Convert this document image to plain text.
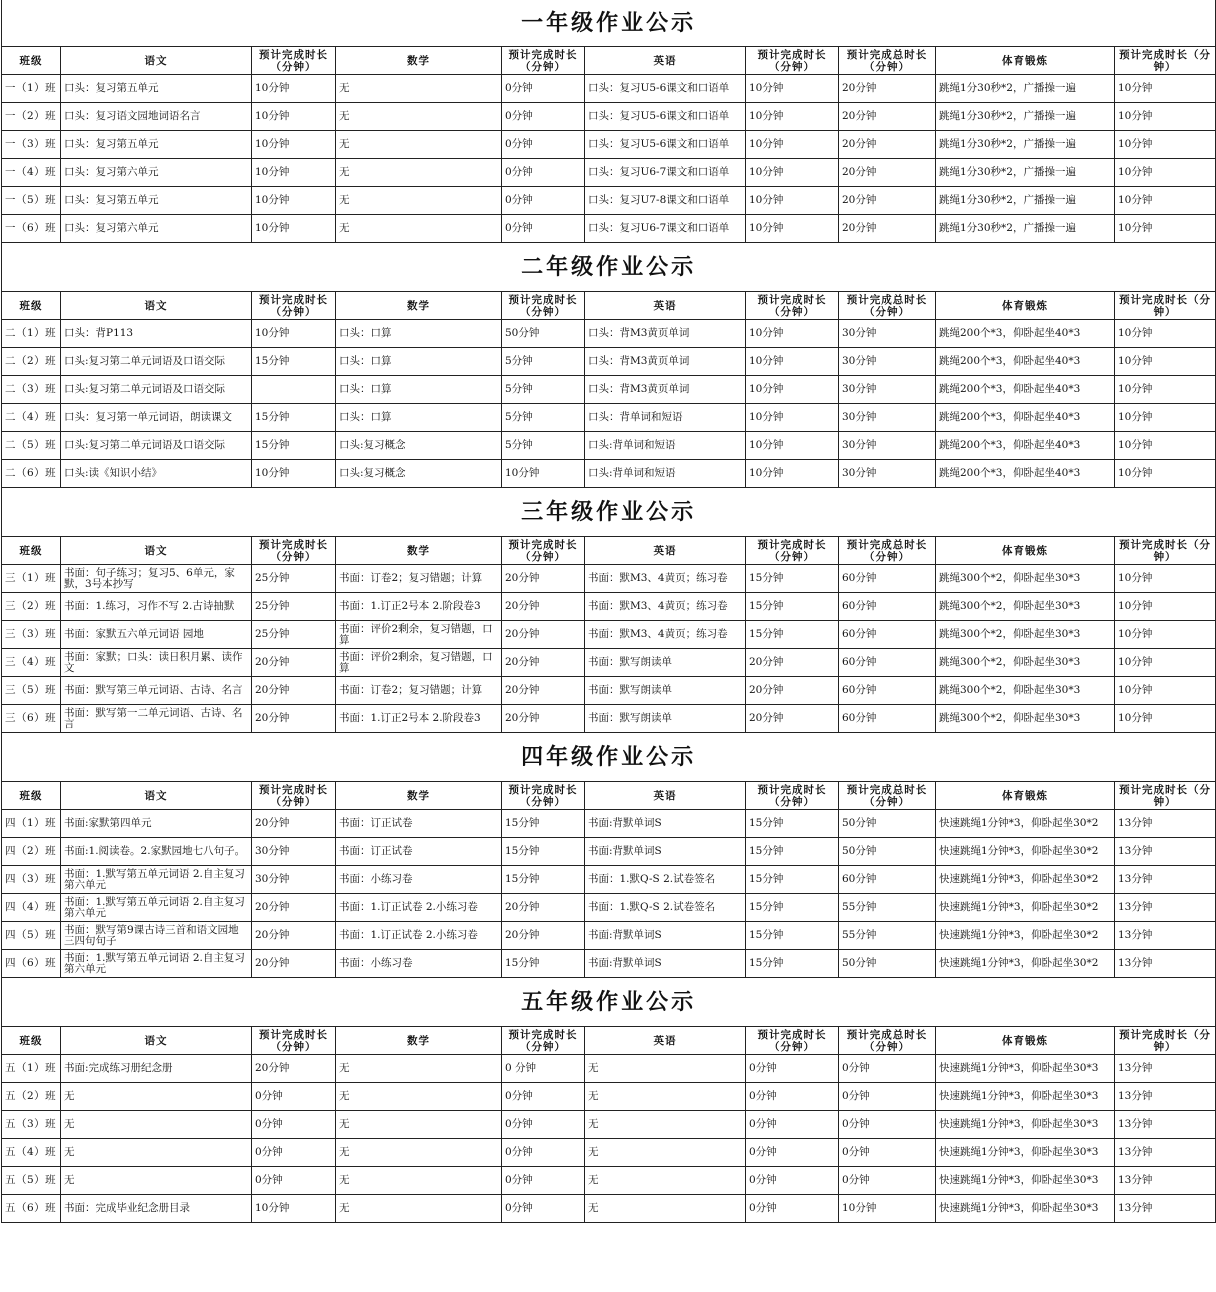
一年级作业公示									
班级	语文	预计完成时长（分钟）	数学	预计完成时长（分钟）	英语	预计完成时长（分钟）	预计完成总时长（分钟）	体育锻炼	预计完成时长（分钟）
一（1）班	口头：复习第五单元	10分钟	无	0分钟	口头：复习U5-6课文和口语单	10分钟	20分钟	跳绳1分30秒*2，广播操一遍	10分钟
一（2）班	口头：复习语文园地词语名言	10分钟	无	0分钟	口头：复习U5-6课文和口语单	10分钟	20分钟	跳绳1分30秒*2，广播操一遍	10分钟
一（3）班	口头：复习第五单元	10分钟	无	0分钟	口头：复习U5-6课文和口语单	10分钟	20分钟	跳绳1分30秒*2，广播操一遍	10分钟
一（4）班	口头：复习第六单元	10分钟	无	0分钟	口头：复习U6-7课文和口语单	10分钟	20分钟	跳绳1分30秒*2，广播操一遍	10分钟
一（5）班	口头：复习第五单元	10分钟	无	0分钟	口头：复习U7-8课文和口语单	10分钟	20分钟	跳绳1分30秒*2，广播操一遍	10分钟
一（6）班	口头：复习第六单元	10分钟	无	0分钟	口头：复习U6-7课文和口语单	10分钟	20分钟	跳绳1分30秒*2，广播操一遍	10分钟
二年级作业公示									
班级	语文	预计完成时长（分钟）	数学	预计完成时长（分钟）	英语	预计完成时长（分钟）	预计完成总时长（分钟）	体育锻炼	预计完成时长（分钟）
二（1）班	口头：背P113	10分钟	口头：口算	50分钟	口头：背M3黄页单词	10分钟	30分钟	跳绳200个*3，仰卧起坐40*3	10分钟
二（2）班	口头:复习第二单元词语及口语交际	15分钟	口头：口算	5分钟	口头：背M3黄页单词	10分钟	30分钟	跳绳200个*3，仰卧起坐40*3	10分钟
二（3）班	口头:复习第二单元词语及口语交际		口头：口算	5分钟	口头：背M3黄页单词	10分钟	30分钟	跳绳200个*3，仰卧起坐40*3	10分钟
二（4）班	口头：复习第一单元词语，朗读课文	15分钟	口头：口算	5分钟	口头：背单词和短语	10分钟	30分钟	跳绳200个*3，仰卧起坐40*3	10分钟
二（5）班	口头:复习第二单元词语及口语交际	15分钟	口头:复习概念	5分钟	口头:背单词和短语	10分钟	30分钟	跳绳200个*3，仰卧起坐40*3	10分钟
二（6）班	口头:读《知识小结》	10分钟	口头:复习概念	10分钟	口头:背单词和短语	10分钟	30分钟	跳绳200个*3，仰卧起坐40*3	10分钟
三年级作业公示									
班级	语文	预计完成时长（分钟）	数学	预计完成时长（分钟）	英语	预计完成时长（分钟）	预计完成总时长（分钟）	体育锻炼	预计完成时长（分钟）
三（1）班	书面：句子练习；复习5、6单元，家默，3号本抄写	25分钟	书面：订卷2；复习错题；计算	20分钟	书面：默M3、4黄页；练习卷	15分钟	60分钟	跳绳300个*2，仰卧起坐30*3	10分钟
三（2）班	书面：1.练习，习作不写 2.古诗抽默	25分钟	书面：1.订正2号本 2.阶段卷3	20分钟	书面：默M3、4黄页；练习卷	15分钟	60分钟	跳绳300个*2，仰卧起坐30*3	10分钟
三（3）班	书面：家默五六单元词语 园地	25分钟	书面：评价2剩余，复习错题，口算	20分钟	书面：默M3、4黄页；练习卷	15分钟	60分钟	跳绳300个*2，仰卧起坐30*3	10分钟
三（4）班	书面：家默；口头：读日积月累、读作文	20分钟	书面：评价2剩余，复习错题，口算	20分钟	书面：默写朗读单	20分钟	60分钟	跳绳300个*2，仰卧起坐30*3	10分钟
三（5）班	书面：默写第三单元词语、古诗、名言	20分钟	书面：订卷2；复习错题；计算	20分钟	书面：默写朗读单	20分钟	60分钟	跳绳300个*2，仰卧起坐30*3	10分钟
三（6）班	书面：默写第一二单元词语、古诗、名言	20分钟	书面：1.订正2号本 2.阶段卷3	20分钟	书面：默写朗读单	20分钟	60分钟	跳绳300个*2，仰卧起坐30*3	10分钟
四年级作业公示									
班级	语文	预计完成时长（分钟）	数学	预计完成时长（分钟）	英语	预计完成时长（分钟）	预计完成总时长（分钟）	体育锻炼	预计完成时长（分钟）
四（1）班	书面:家默第四单元	20分钟	书面：订正试卷	15分钟	书面:背默单词S	15分钟	50分钟	快速跳绳1分钟*3，仰卧起坐30*2	13分钟
四（2）班	书面:1.阅读卷。2.家默园地七八句子。	30分钟	书面：订正试卷	15分钟	书面:背默单词S	15分钟	50分钟	快速跳绳1分钟*3，仰卧起坐30*2	13分钟
四（3）班	书面：1.默写第五单元词语 2.自主复习第六单元	30分钟	书面：小练习卷	15分钟	书面：1.默Q-S 2.试卷签名	15分钟	60分钟	快速跳绳1分钟*3，仰卧起坐30*2	13分钟
四（4）班	书面：1.默写第五单元词语 2.自主复习第六单元	20分钟	书面：1.订正试卷 2.小练习卷	20分钟	书面：1.默Q-S 2.试卷签名	15分钟	55分钟	快速跳绳1分钟*3，仰卧起坐30*2	13分钟
四（5）班	书面：默写第9课古诗三首和语文园地三四句句子	20分钟	书面：1.订正试卷 2.小练习卷	20分钟	书面:背默单词S	15分钟	55分钟	快速跳绳1分钟*3，仰卧起坐30*2	13分钟
四（6）班	书面：1.默写第五单元词语 2.自主复习第六单元	20分钟	书面：小练习卷	15分钟	书面:背默单词S	15分钟	50分钟	快速跳绳1分钟*3，仰卧起坐30*2	13分钟
五年级作业公示									
班级	语文	预计完成时长（分钟）	数学	预计完成时长（分钟）	英语	预计完成时长（分钟）	预计完成总时长（分钟）	体育锻炼	预计完成时长（分钟）
五（1）班	书面:完成练习册纪念册	20分钟	无	0 分钟	无	0分钟	0分钟	快速跳绳1分钟*3，仰卧起坐30*3	13分钟
五（2）班	无	0分钟	无	0分钟	无	0分钟	0分钟	快速跳绳1分钟*3，仰卧起坐30*3	13分钟
五（3）班	无	0分钟	无	0分钟	无	0分钟	0分钟	快速跳绳1分钟*3，仰卧起坐30*3	13分钟
五（4）班	无	0分钟	无	0分钟	无	0分钟	0分钟	快速跳绳1分钟*3，仰卧起坐30*3	13分钟
五（5）班	无	0分钟	无	0分钟	无	0分钟	0分钟	快速跳绳1分钟*3，仰卧起坐30*3	13分钟
五（6）班	书面：完成毕业纪念册目录	10分钟	无	0分钟	无	0分钟	10分钟	快速跳绳1分钟*3，仰卧起坐30*3	13分钟
